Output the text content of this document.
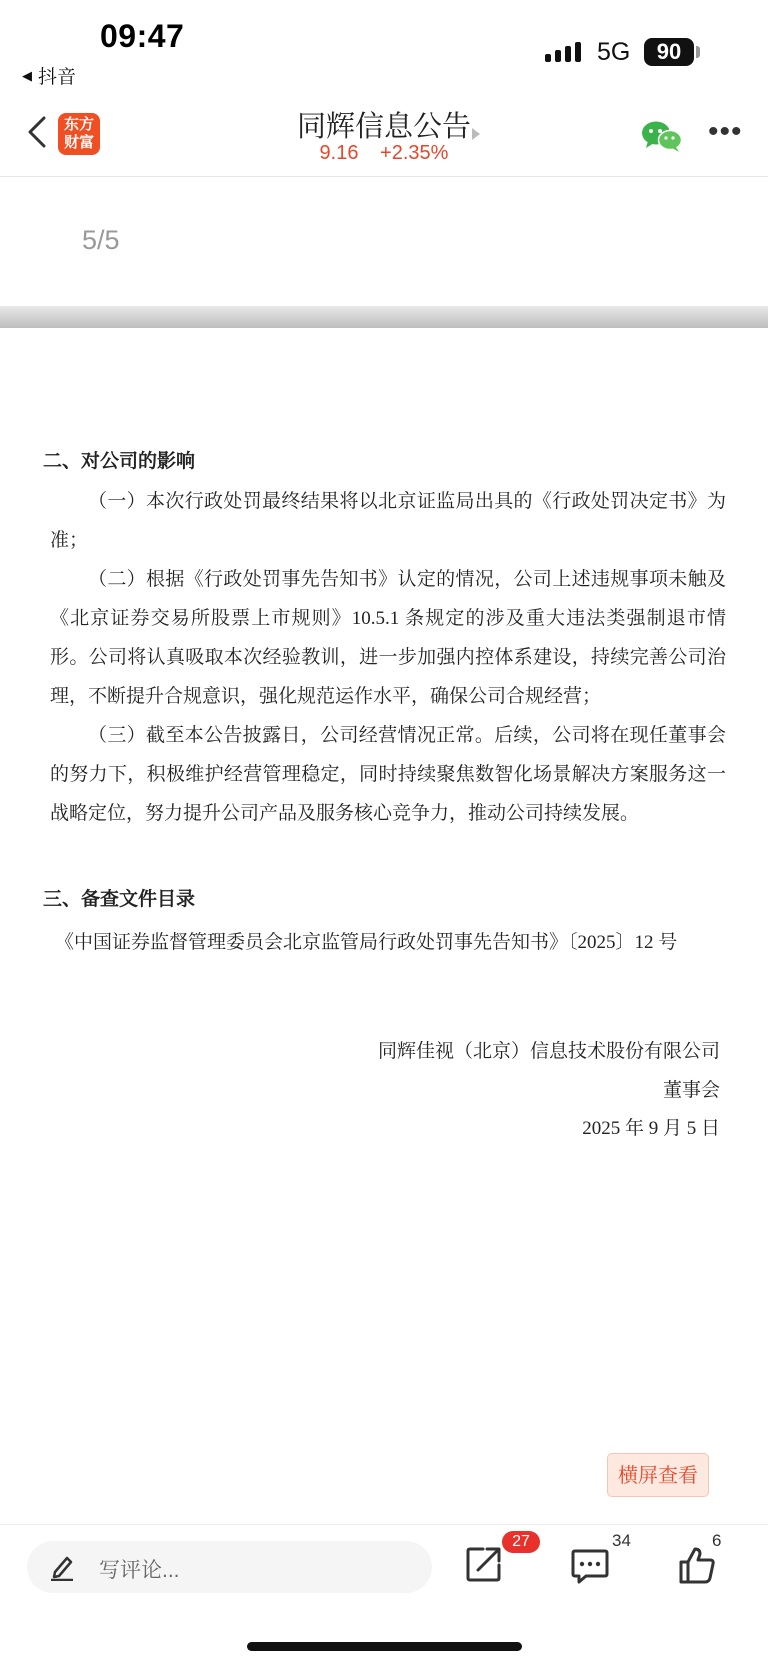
09:47
◀ 抖音
5G	90
东方
财富	同辉信息公告
9.16 +2.35%
•••
5/5
二、对公司的影响
（一）本次行政处罚最终结果将以北京证监局出具的《行政处罚决定书》为准；
（二）根据《行政处罚事先告知书》认定的情况，公司上述违规事项未触及《北京证券交易所股票上市规则》10.5.1 条规定的涉及重大违法类强制退市情形。公司将认真吸取本次经验教训，进一步加强内控体系建设，持续完善公司治理，不断提升合规意识，强化规范运作水平，确保公司合规经营；
（三）截至本公告披露日，公司经营情况正常。后续，公司将在现任董事会的努力下，积极维护经营管理稳定，同时持续聚焦数智化场景解决方案服务这一战略定位，努力提升公司产品及服务核心竞争力，推动公司持续发展。
三、备查文件目录
《中国证券监督管理委员会北京监管局行政处罚事先告知书》〔2025〕12 号
同辉佳视（北京）信息技术股份有限公司
董事会
2025 年 9 月 5 日
横屏查看
写评论...
27	34	6
